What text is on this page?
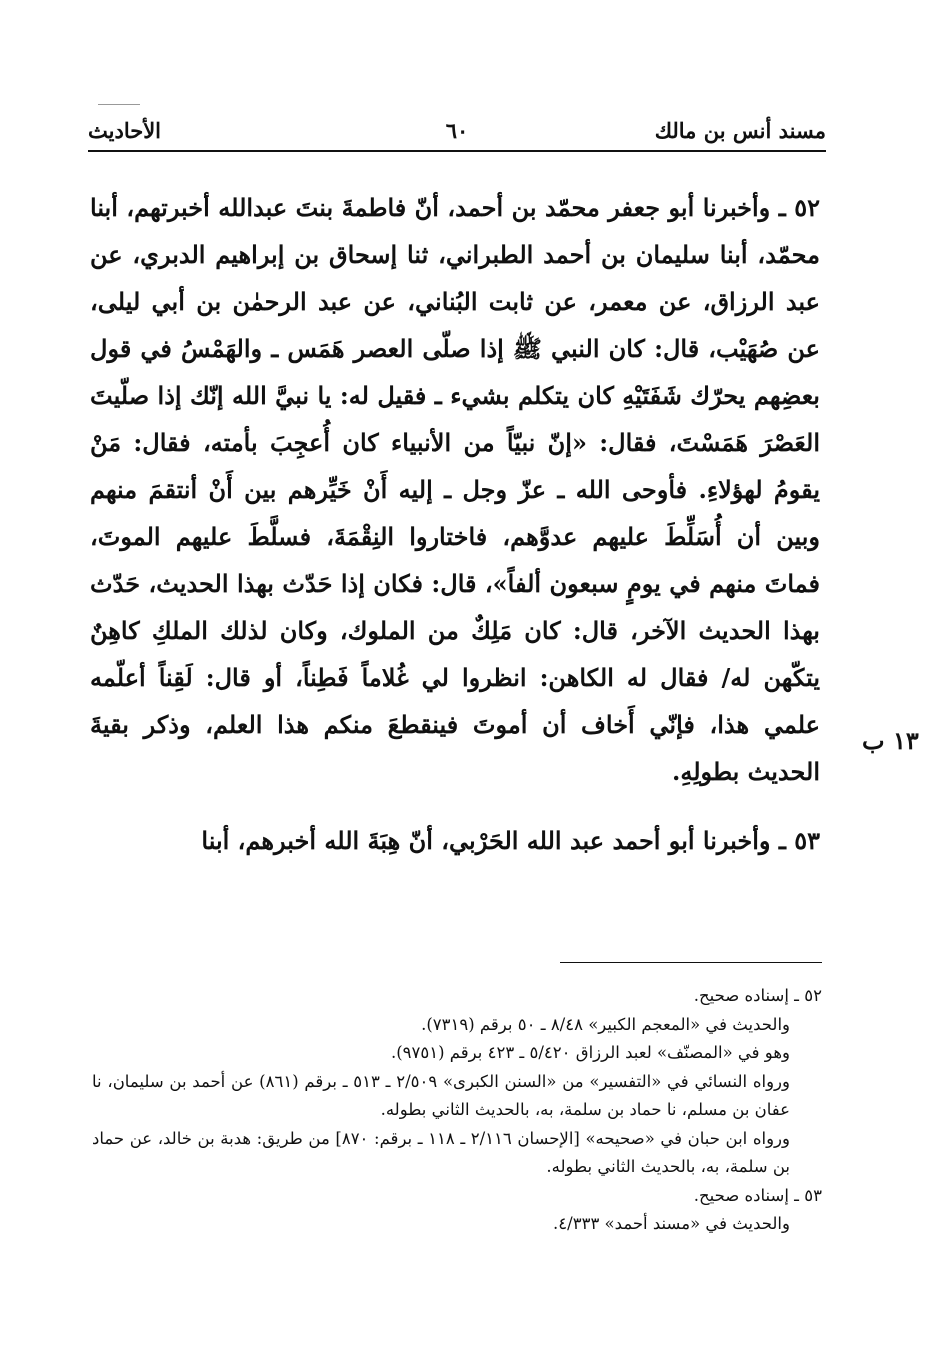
مسند أنس بن مالك
٦٠
الأحاديث

٥٢ ـ وأخبرنا أبو جعفر محمّد بن أحمد، أنّ فاطمةَ بنتَ عبدالله أخبرتهم، أبنا محمّد، أبنا سليمان بن أحمد الطبراني، ثنا إسحاق بن إبراهيم الدبري، عن عبد الرزاق، عن معمر، عن ثابت البُناني، عن عبد الرحمٰن بن أبي ليلى، عن صُهَيْب، قال: كان النبي ﷺ إذا صلّى العصر هَمَس ـ والهَمْسُ في قول بعضِهم يحرّك شَفَتَيْهِ كان يتكلم بشيء ـ فقيل له: يا نبيَّ الله إنّك إذا صلّيتَ العَصْرَ هَمَسْتَ، فقال: «إنّ نبيّاً من الأنبياء كان أُعجِبَ بأمته، فقال: مَنْ يقومُ لهؤلاءِ. فأوحى الله ـ عزّ وجل ـ إليه أَنْ خَيِّرهم بين أَنْ أنتقمَ منهم وبين أن أُسَلِّطَ عليهم عدوَّهم، فاختاروا النِقْمَةَ، فسلَّطَ عليهم الموتَ، فماتَ منهم في يومٍ سبعون ألفاً»، قال: فكان إذا حَدّث بهذا الحديث، حَدّث بهذا الحديث الآخر، قال: كان مَلِكٌ من الملوك، وكان لذلك الملكِ كاهِنٌ يتكّهن له/ فقال له الكاهن: انظروا لي غُلاماً فَطِناً، أو قال: لَقِناً أعلّمه علمي هذا، فإنّي أَخاف أن أموتَ فينقطعَ منكم هذا العلم، وذكر بقيةَ الحديث بطولِهِ.

٥٣ ـ وأخبرنا أبو أحمد عبد الله الحَرْبي، أنّ هِبَةَ الله أخبرهم، أبنا

١٣ ب

٥٢ ـ إسناده صحيح.

والحديث في «المعجم الكبير» ٨/٤٨ ـ ٥٠ برقم (٧٣١٩).

وهو في «المصنّف» لعبد الرزاق ٥/٤٢٠ ـ ٤٢٣ برقم (٩٧٥١).

ورواه النسائي في «التفسير» من «السنن الكبرى» ٢/٥٠٩ ـ ٥١٣ ـ برقم (٨٦١) عن أحمد بن سليمان، نا عفان بن مسلم، نا حماد بن سلمة، به، بالحديث الثاني بطوله.

ورواه ابن حبان في «صحيحه» [الإحسان ٢/١١٦ ـ ١١٨ ـ برقم: ٨٧٠] من طريق: هدبة بن خالد، عن حماد بن سلمة، به، بالحديث الثاني بطوله.

٥٣ ـ إسناده صحيح.

والحديث في «مسند أحمد» ٤/٣٣٣.
